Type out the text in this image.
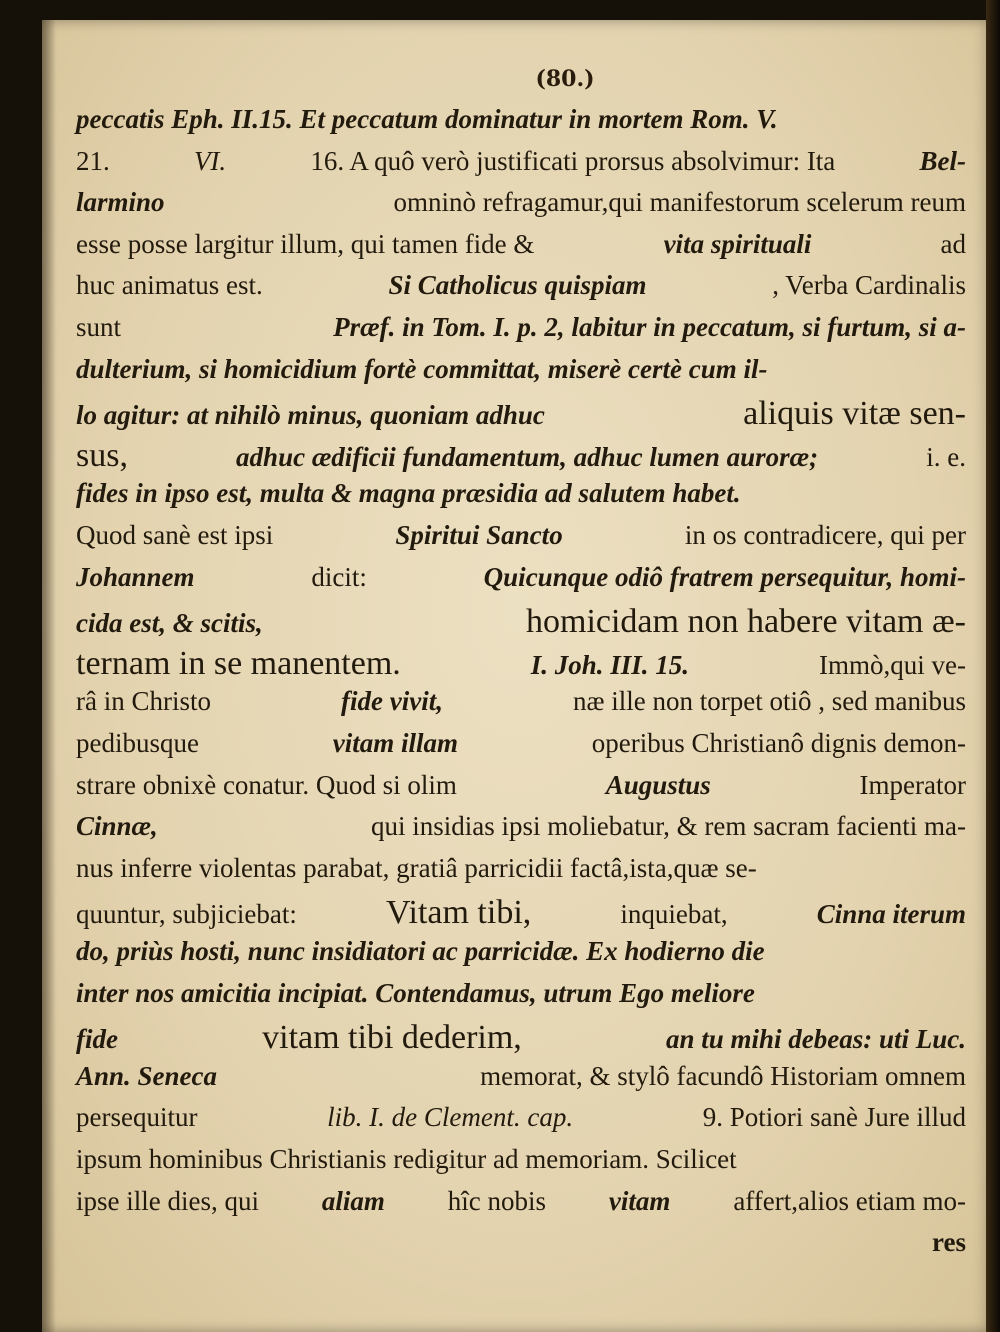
(80.)
peccatis Eph. II.15. Et peccatum dominatur in mortem Rom. V.
21.	VI.	16. A quô verò justificati prorsus absolvimur: Ita	Bel-
larmino	omninò refragamur,qui manifestorum scelerum reum
esse posse largitur illum, qui tamen fide &	vita spirituali	ad
huc animatus est.	Si Catholicus quispiam	, Verba Cardinalis
sunt	Præf. in Tom. I. p. 2, labitur in peccatum, si furtum, si a-
dulterium, si homicidium fortè committat, miserè certè cum il-
lo agitur: at nihilò minus, quoniam adhuc	aliquis vitæ sen-
sus,	adhuc ædificii fundamentum, adhuc lumen auroræ;	i. e.
fides in ipso est, multa & magna præsidia ad salutem habet.
Quod sanè est ipsi	Spiritui Sancto	in os contradicere, qui per
Johannem	dicit:	Quicunque odiô fratrem persequitur, homi-
cida est, & scitis,	homicidam non habere vitam æ-
ternam in se manentem.	I. Joh. III. 15.	Immò,qui ve-
râ in Christo	fide vivit,	næ ille non torpet otiô , sed manibus
pedibusque	vitam illam	operibus Christianô dignis demon-
strare obnixè conatur. Quod si olim	Augustus	Imperator
Cinnæ,	qui insidias ipsi moliebatur, & rem sacram facienti ma-
nus inferre violentas parabat, gratiâ parricidii factâ,ista,quæ se-
quuntur, subjiciebat:	Vitam tibi,	inquiebat,	Cinna iterum
do, priùs hosti, nunc insidiatori ac parricidæ. Ex hodierno die
inter nos amicitia incipiat. Contendamus, utrum Ego meliore
fide	vitam tibi dederim,	an tu mihi debeas: uti Luc.
Ann. Seneca	memorat, & stylô facundô Historiam omnem
persequitur	lib. I. de Clement. cap.	9. Potiori sanè Jure illud
ipsum hominibus Christianis redigitur ad memoriam. Scilicet
ipse ille dies, qui aliam hîc nobis vitam affert,alios etiam mo-
res
